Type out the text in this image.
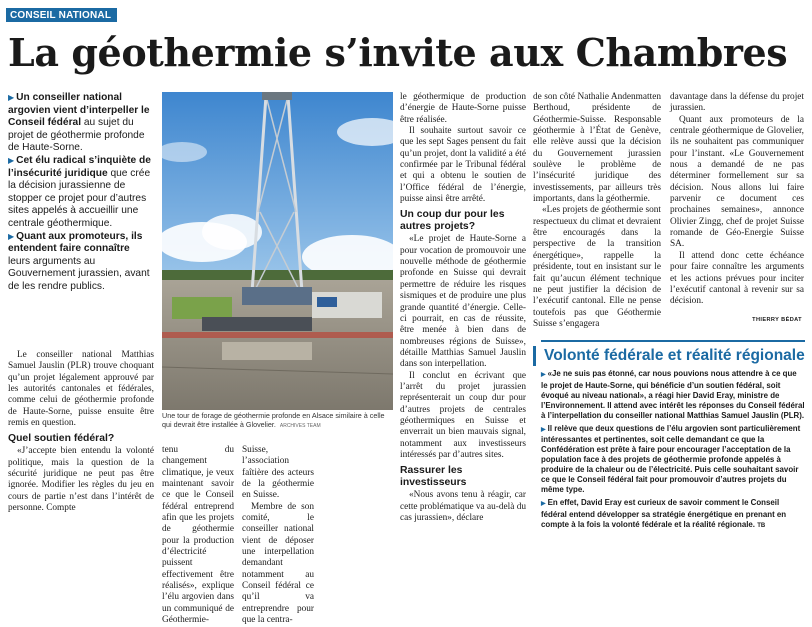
CONSEIL NATIONAL
La géothermie s’invite aux Chambres
▶ Un conseiller national argovien vient d’interpeller le Conseil fédéral au sujet du projet de géothermie profonde de Haute-Sorne.
▶ Cet élu radical s’inquiète de l’insécurité juridique que crée la décision jurassienne de stopper ce projet pour d’autres sites appelés à accueillir une centrale géothermique.
▶ Quant aux promoteurs, ils entendent faire connaître leurs arguments au Gouvernement jurassien, avant de les rendre publics.

Le conseiller national Matthias Samuel Jauslin (PLR) trouve choquant qu’un projet légalement approuvé par les autorités cantonales et fédérales, comme celui de géothermie profonde de Haute-Sorne, puisse ensuite être remis en question.

Quel soutien fédéral?

«J’accepte bien entendu la volonté politique, mais la question de la sécurité juridique ne peut pas être ignorée. Modifier les règles du jeu en cours de partie n’est dans l’intérêt de personne. Compte

Une tour de forage de géothermie profonde en Alsace similaire à celle qui devrait être installée à Glovelier. ARCHIVES TEAM

tenu du changement climatique, je veux maintenant savoir ce que le Conseil fédéral entreprend afin que les projets de géothermie pour la production d’électricité puissent effectivement être réalisés», explique l’élu argovien dans un communiqué de Géothermie-

Suisse, l’association faîtière des acteurs de la géothermie en Suisse.

Membre de son comité, le conseiller national vient de déposer une interpellation demandant notamment au Conseil fédéral ce qu’il va entreprendre pour que la centra-

le géothermique de production d’énergie de Haute-Sorne puisse être réalisée.

Il souhaite surtout savoir ce que les sept Sages pensent du fait qu’un projet, dont la validité a été confirmée par le Tribunal fédéral et qui a obtenu le soutien de l’Office fédéral de l’énergie, puisse ainsi être arrêté.

Un coup dur pour les autres projets?

«Le projet de Haute-Sorne a pour vocation de promouvoir une nouvelle méthode de géothermie profonde en Suisse qui devrait permettre de réduire les risques sismiques et de produire une plus grande quantité d’énergie. Celle-ci pourrait, en cas de réussite, être menée à bien dans de nombreuses régions de Suisse», détaille Matthias Samuel Jauslin dans son interpellation.

Il conclut en écrivant que l’arrêt du projet jurassien représenterait un coup dur pour d’autres projets de centrales géothermiques en Suisse et enverrait un bien mauvais signal, notamment aux investisseurs intéressés par d’autres sites.

Rassurer les investisseurs

«Nous avons tenu à réagir, car cette problématique va au-delà du cas jurassien», déclare

de son côté Nathalie Andenmatten Berthoud, présidente de Géothermie-Suisse. Responsable géothermie à l’État de Genève, elle relève aussi que la décision du Gouvernement jurassien soulève le problème de l’insécurité juridique des investissements, par ailleurs très importants, dans la géothermie.

«Les projets de géothermie sont respectueux du climat et devraient être encouragés dans la perspective de la transition énergétique», rappelle la présidente, tout en insistant sur le fait qu’aucun élément technique ne peut justifier la décision de l’exécutif cantonal. Elle ne pense toutefois pas que Géothermie Suisse s’engagera

davantage dans la défense du projet jurassien.

Quant aux promoteurs de la centrale géothermique de Glovelier, ils ne souhaitent pas communiquer pour l’instant. «Le Gouvernement nous a demandé de ne pas déterminer formellement sur sa décision. Nous allons lui faire parvenir ce document ces prochaines semaines», annonce Olivier Zingg, chef de projet Suisse romande de Géo-Energie Suisse SA.

Il attend donc cette échéance pour faire connaître les arguments et les actions prévues pour inciter l’exécutif cantonal à revenir sur sa décision.

THIERRY BÉDAT
Volonté fédérale et réalité régionale
▶ «Je ne suis pas étonné, car nous pouvions nous attendre à ce que le projet de Haute-Sorne, qui bénéficie d’un soutien fédéral, soit évoqué au niveau national», a réagi hier David Eray, ministre de l’Environnement. Il attend avec intérêt les réponses du Conseil fédéral à l’interpellation du conseiller national Matthias Samuel Jauslin (PLR).
▶ Il relève que deux questions de l’élu argovien sont particulièrement intéressantes et pertinentes, soit celle demandant ce que la Confédération est prête à faire pour encourager l’acceptation de la population face à des projets de géothermie profonde appelés à produire de la chaleur ou de l’électricité. Puis celle souhaitant savoir ce que le Conseil fédéral fait pour promouvoir d’autres projets du même type.
▶ En effet, David Eray est curieux de savoir comment le Conseil fédéral entend développer sa stratégie énergétique en prenant en compte à la fois la volonté fédérale et la réalité régionale. TB
